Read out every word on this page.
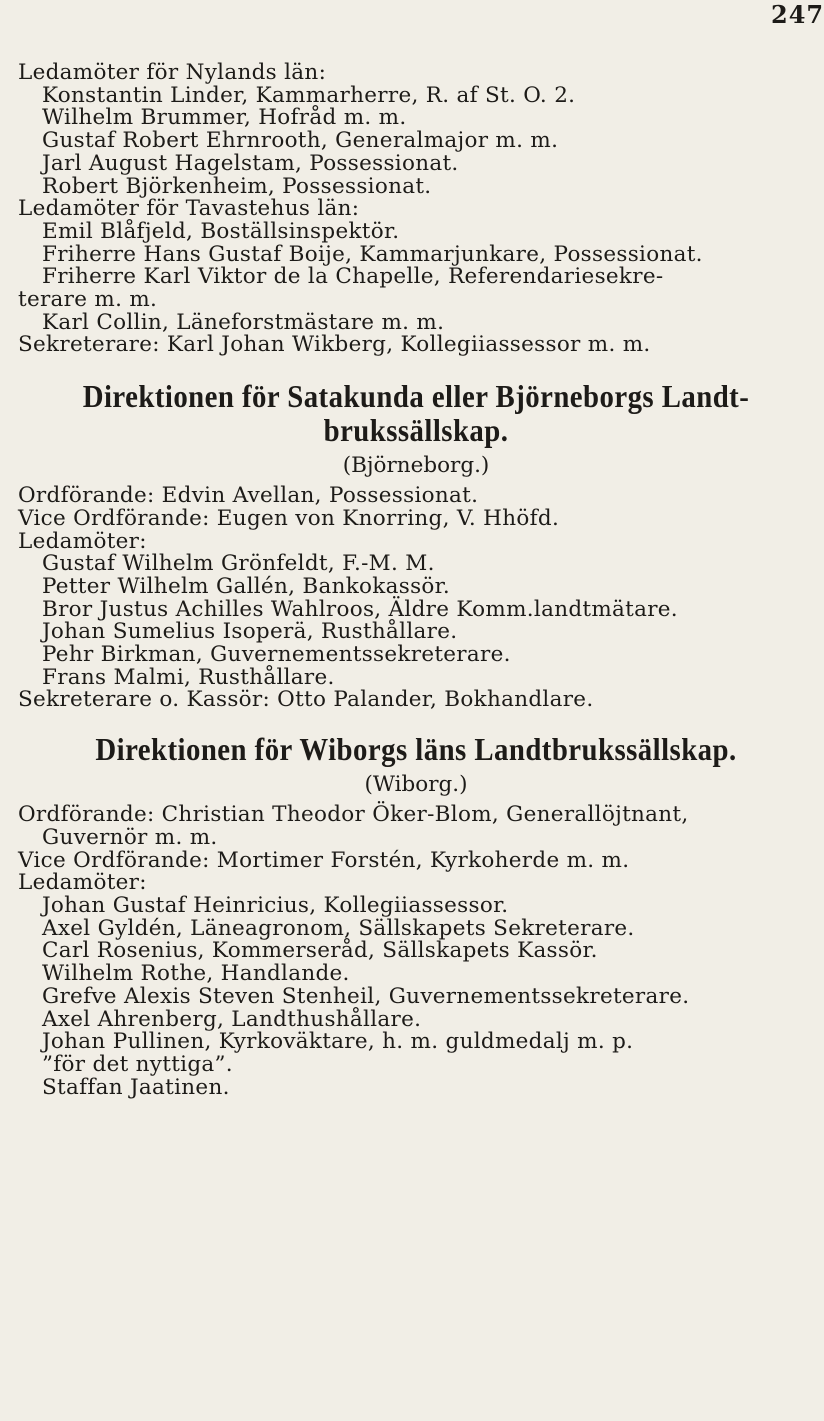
247
Ledamöter för Nylands län:
Konstantin Linder, Kammarherre, R. af St. O. 2.
Wilhelm Brummer, Hofråd m. m.
Gustaf Robert Ehrnrooth, Generalmajor m. m.
Jarl August Hagelstam, Possessionat.
Robert Björkenheim, Possessionat.
Ledamöter för Tavastehus län:
Emil Blåfjeld, Boställsinspektör.
Friherre Hans Gustaf Boije, Kammarjunkare, Possessionat.
Friherre Karl Viktor de la Chapelle, Referendariesekre-
terare m. m.
Karl Collin, Läneforstmästare m. m.
Sekreterare: Karl Johan Wikberg, Kollegiiassessor m. m.
Direktionen för Satakunda eller Björneborgs Landt-
brukssällskap.
(Björneborg.)
Ordförande: Edvin Avellan, Possessionat.
Vice Ordförande: Eugen von Knorring, V. Hhöfd.
Ledamöter:
Gustaf Wilhelm Grönfeldt, F.-M. M.
Petter Wilhelm Gallén, Bankokassör.
Bror Justus Achilles Wahlroos, Äldre Komm.landtmätare.
Johan Sumelius Isoperä, Rusthållare.
Pehr Birkman, Guvernementssekreterare.
Frans Malmi, Rusthållare.
Sekreterare o. Kassör: Otto Palander, Bokhandlare.
Direktionen för Wiborgs läns Landtbrukssällskap.
(Wiborg.)
Ordförande: Christian Theodor Öker-Blom, Generallöjtnant,
Guvernör m. m.
Vice Ordförande: Mortimer Forstén, Kyrkoherde m. m.
Ledamöter:
Johan Gustaf Heinricius, Kollegiiassessor.
Axel Gyldén, Läneagronom, Sällskapets Sekreterare.
Carl Rosenius, Kommerseråd, Sällskapets Kassör.
Wilhelm Rothe, Handlande.
Grefve Alexis Steven Stenheil, Guvernementssekreterare.
Axel Ahrenberg, Landthushållare.
Johan Pullinen, Kyrkoväktare, h. m. guldmedalj m. p.
”för det nyttiga”.
Staffan Jaatinen.
